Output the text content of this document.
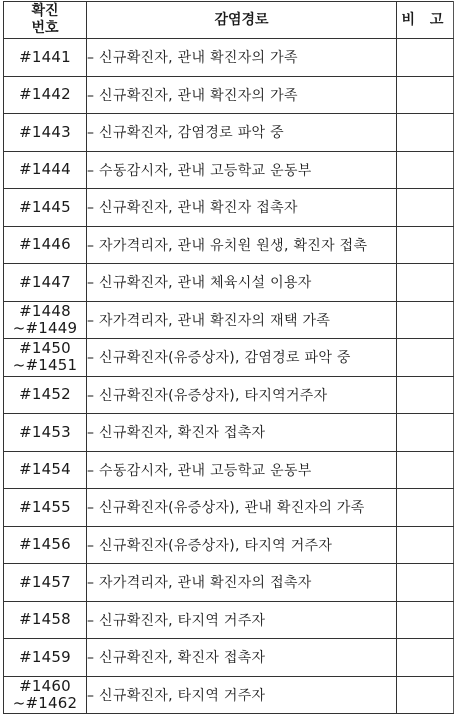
확진
번호	감염경로	비 고

#1441	– 신규확진자, 관내 확진자의 가족	

#1442	– 신규확진자, 관내 확진자의 가족	

#1443	– 신규확진자, 감염경로 파악 중	

#1444	– 수동감시자, 관내 고등학교 운동부	

#1445	– 신규확진자, 관내 확진자 접촉자	

#1446	– 자가격리자, 관내 유치원 원생, 확진자 접촉	

#1447	– 신규확진자, 관내 체육시설 이용자	

#1448
~#1449	– 자가격리자, 관내 확진자의 재택 가족	

#1450
~#1451	– 신규확진자(유증상자), 감염경로 파악 중	

#1452	– 신규확진자(유증상자), 타지역거주자	

#1453	– 신규확진자, 확진자 접촉자	

#1454	– 수동감시자, 관내 고등학교 운동부	

#1455	– 신규확진자(유증상자), 관내 확진자의 가족	

#1456	– 신규확진자(유증상자), 타지역 거주자	

#1457	– 자가격리자, 관내 확진자의 접촉자	

#1458	– 신규확진자, 타지역 거주자	

#1459	– 신규확진자, 확진자 접촉자	

#1460
~#1462	– 신규확진자, 타지역 거주자	
